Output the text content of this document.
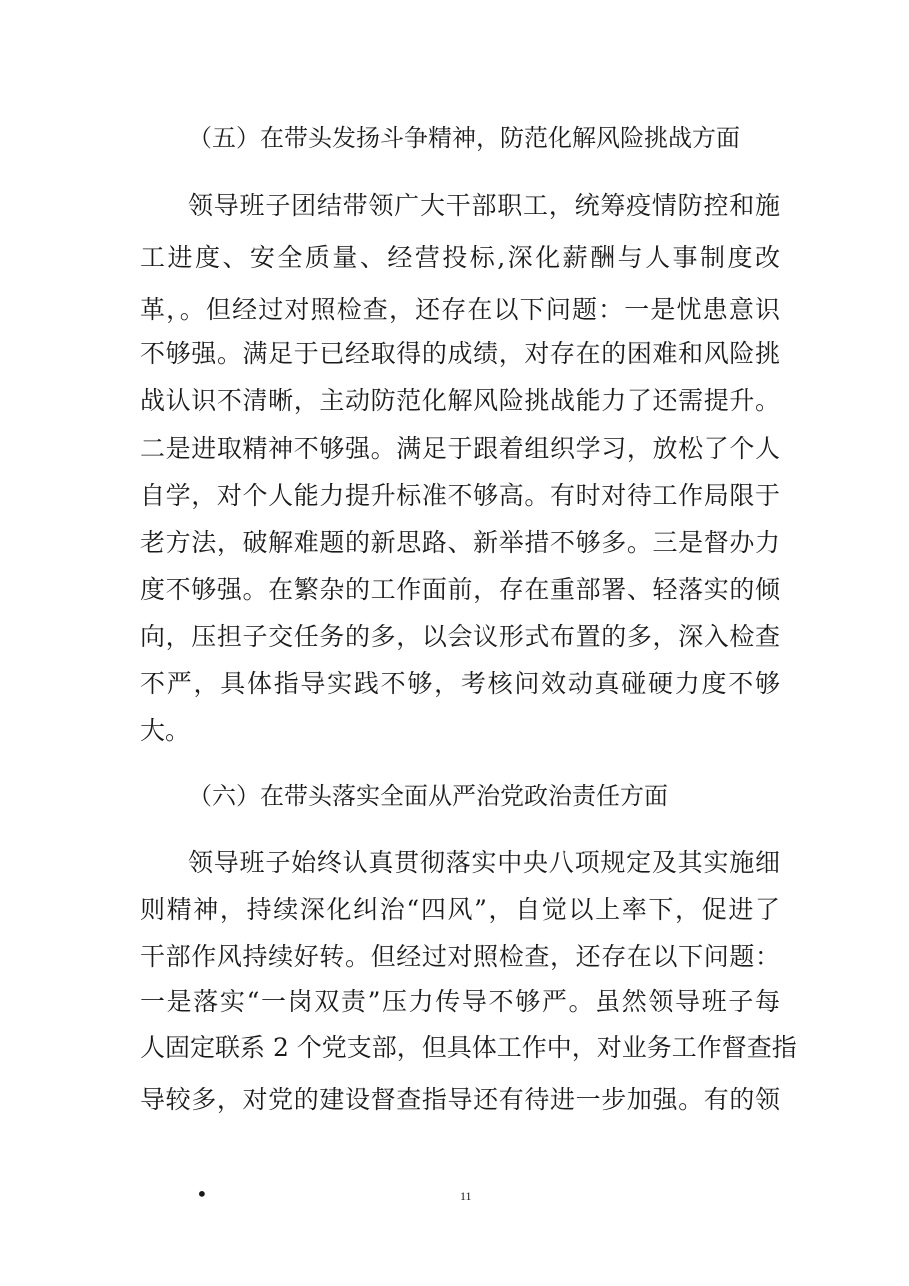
（五）在带头发扬斗争精神，防范化解风险挑战方面
领导班子团结带领广大干部职工，统筹疫情防控和施
工进度、安全质量、经营投标,深化薪酬与人事制度改
革，。但经过对照检查，还存在以下问题：一是忧患意识
不够强。满足于已经取得的成绩，对存在的困难和风险挑
战认识不清晰，主动防范化解风险挑战能力了还需提升。
二是进取精神不够强。满足于跟着组织学习，放松了个人
自学，对个人能力提升标准不够高。有时对待工作局限于
老方法，破解难题的新思路、新举措不够多。三是督办力
度不够强。在繁杂的工作面前，存在重部署、轻落实的倾
向，压担子交任务的多，以会议形式布置的多，深入检查
不严，具体指导实践不够，考核问效动真碰硬力度不够
大。
（六）在带头落实全面从严治党政治责任方面
领导班子始终认真贯彻落实中央八项规定及其实施细
则精神，持续深化纠治“四风”，自觉以上率下，促进了
干部作风持续好转。但经过对照检查，还存在以下问题：
一是落实“一岗双责”压力传导不够严。虽然领导班子每
人固定联系 2 个党支部，但具体工作中，对业务工作督查指
导较多，对党的建设督查指导还有待进一步加强。有的领
•	11
